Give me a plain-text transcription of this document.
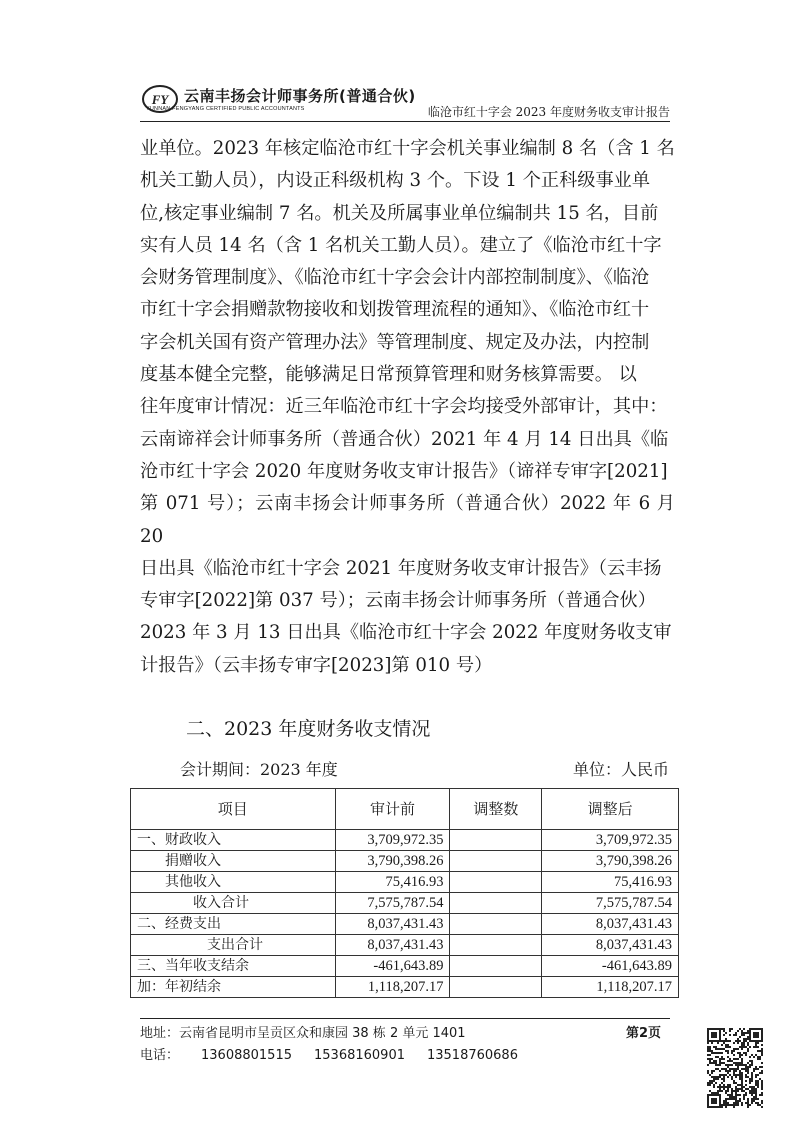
FY 云南丰扬会计师事务所(普通合伙)
YUNNAN FENGYANG CERTIFIED PUBLIC ACCOUNTANTS	临沧市红十字会 2023 年度财务收支审计报告

业单位。2023 年核定临沧市红十字会机关事业编制 8 名（含 1 名

机关工勤人员），内设正科级机构 3 个。下设 1 个正科级事业单

位,核定事业编制 7 名。机关及所属事业单位编制共 15 名，目前

实有人员 14 名（含 1 名机关工勤人员）。建立了《临沧市红十字

会财务管理制度》、《临沧市红十字会会计内部控制制度》、《临沧

市红十字会捐赠款物接收和划拨管理流程的通知》、《临沧市红十

字会机关国有资产管理办法》等管理制度、规定及办法，内控制

度基本健全完整，能够满足日常预算管理和财务核算需要。 以

往年度审计情况：近三年临沧市红十字会均接受外部审计，其中：

云南谛祥会计师事务所（普通合伙）2021 年 4 月 14 日出具《临

沧市红十字会 2020 年度财务收支审计报告》（谛祥专审字[2021]

第 071 号）；云南丰扬会计师事务所（普通合伙）2022 年 6 月 20

日出具《临沧市红十字会 2021 年度财务收支审计报告》（云丰扬

专审字[2022]第 037 号）；云南丰扬会计师事务所（普通合伙）

2023 年 3 月 13 日出具《临沧市红十字会 2022 年度财务收支审

计报告》（云丰扬专审字[2023]第 010 号）

二、2023 年度财务收支情况
会计期间：2023 年度	单位：人民币
项目	审计前	调整数	调整后
一、财政收入	3,709,972.35		3,709,972.35
捐赠收入	3,790,398.26		3,790,398.26
其他收入	75,416.93		75,416.93
收入合计	7,575,787.54		7,575,787.54
二、经费支出	8,037,431.43		8,037,431.43
支出合计	8,037,431.43		8,037,431.43
三、当年收支结余	-461,643.89		-461,643.89
加：年初结余	1,118,207.17		1,118,207.17
地址：云南省昆明市呈贡区众和康园 38 栋 2 单元 1401	第2页
电话： 13608801515 15368160901 13518760686
